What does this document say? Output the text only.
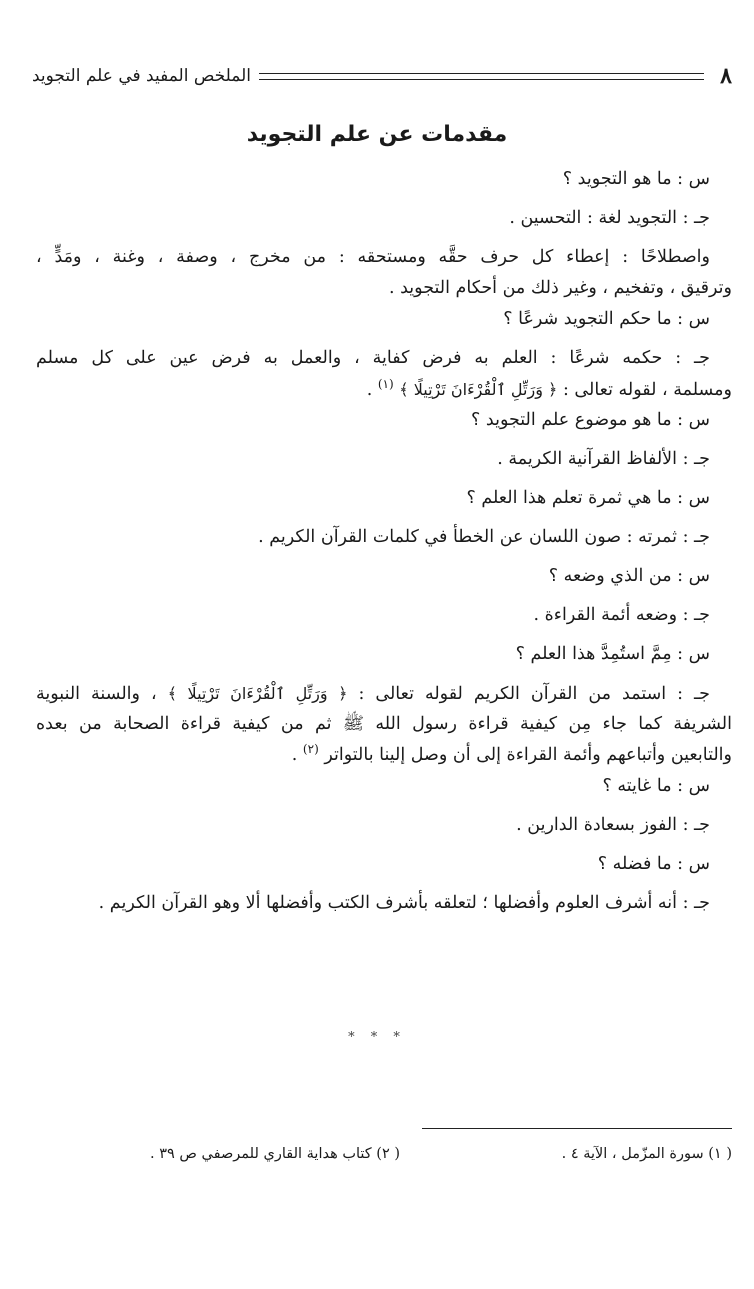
٨
الملخص المفيد في علم التجويد
مقدمات عن علم التجويد
س : ما هو التجويد ؟
جـ : التجويد لغة : التحسين .
واصطلاحًا : إعطاء كل حرف حقَّه ومستحقه : من مخرج ، وصفة ، وغنة ، ومَدٍّ ،
وترقيق ، وتفخيم ، وغير ذلك من أحكام التجويد .
س : ما حكم التجويد شرعًا ؟
جـ : حكمه شرعًا : العلم به فرض كفاية ، والعمل به فرض عين على كل مسلم
ومسلمة ، لقوله تعالى : ﴿ وَرَتِّلِ ٱلْقُرْءَانَ تَرْتِيلًا ﴾ $^{(١)}$ .
س : ما هو موضوع علم التجويد ؟
جـ : الألفاظ القرآنية الكريمة .
س : ما هي ثمرة تعلم هذا العلم ؟
جـ : ثمرته : صون اللسان عن الخطأ في كلمات القرآن الكريم .
س : من الذي وضعه ؟
جـ : وضعه أئمة القراءة .
س : مِمَّ استُمِدَّ هذا العلم ؟
جـ : استمد من القرآن الكريم لقوله تعالى : ﴿ وَرَتِّلِ ٱلْقُرْءَانَ تَرْتِيلًا ﴾ ، والسنة النبوية
الشريفة كما جاء مِن كيفية قراءة رسول الله ﷺ ثم من كيفية قراءة الصحابة من بعده
والتابعين وأتباعهم وأئمة القراءة إلى أن وصل إلينا بالتواتر $^{(٢)}$ .
س : ما غايته ؟
جـ : الفوز بسعادة الدارين .
س : ما فضله ؟
جـ : أنه أشرف العلوم وأفضلها ؛ لتعلقه بأشرف الكتب وأفضلها ألا وهو القرآن الكريم .
* * *
( ١) سورة المزّمل ، الآية ٤ .
( ٢) كتاب هداية القاري للمرصفي ص ٣٩ .
